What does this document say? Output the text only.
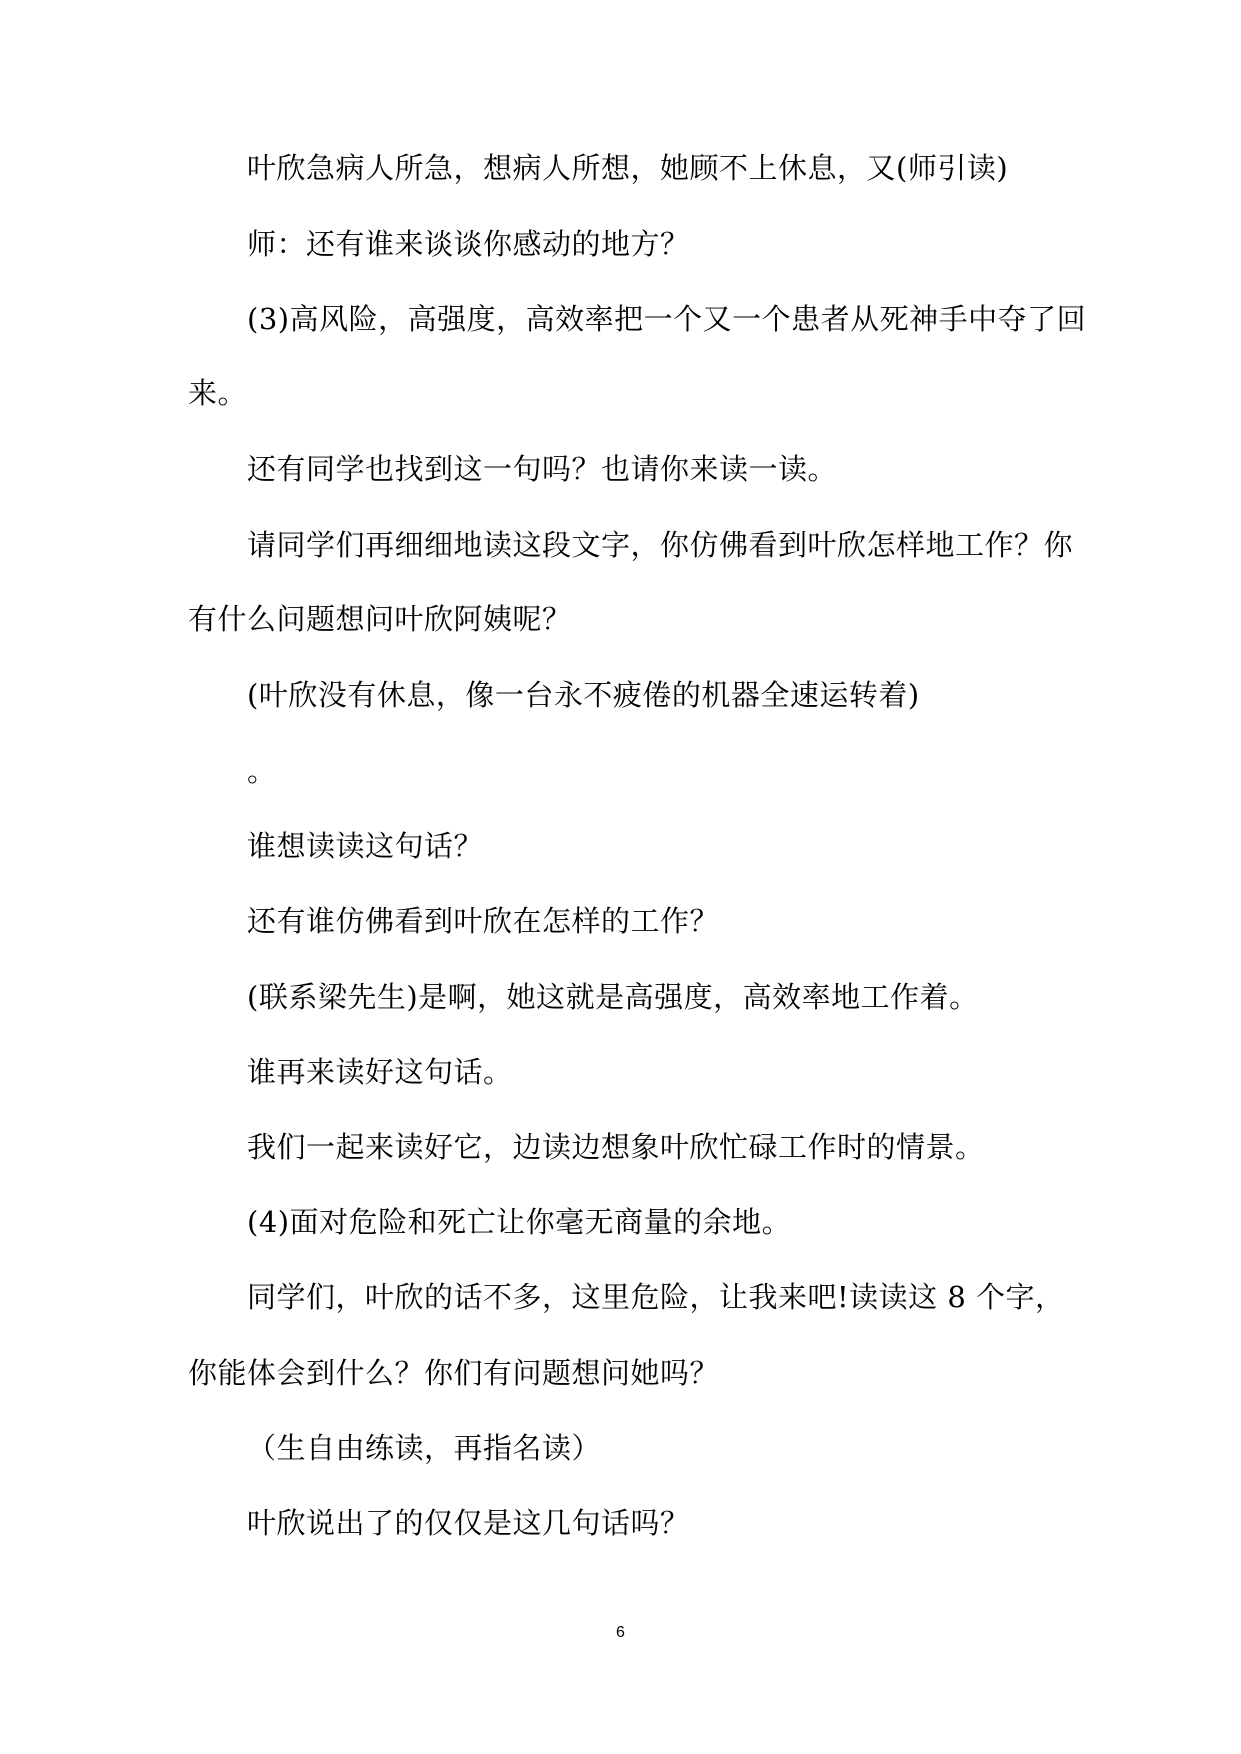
叶欣急病人所急，想病人所想，她顾不上休息，又(师引读)
师：还有谁来谈谈你感动的地方？
(3)高风险，高强度，高效率把一个又一个患者从死神手中夺了回
来。
还有同学也找到这一句吗？也请你来读一读。
请同学们再细细地读这段文字，你仿佛看到叶欣怎样地工作？你
有什么问题想问叶欣阿姨呢？
(叶欣没有休息，像一台永不疲倦的机器全速运转着)
。
谁想读读这句话？
还有谁仿佛看到叶欣在怎样的工作？
(联系梁先生)是啊，她这就是高强度，高效率地工作着。
谁再来读好这句话。
我们一起来读好它，边读边想象叶欣忙碌工作时的情景。
(4)面对危险和死亡让你毫无商量的余地。
同学们，叶欣的话不多，这里危险，让我来吧!读读这 8 个字，
你能体会到什么？你们有问题想问她吗？
（生自由练读，再指名读）
叶欣说出了的仅仅是这几句话吗？
6
